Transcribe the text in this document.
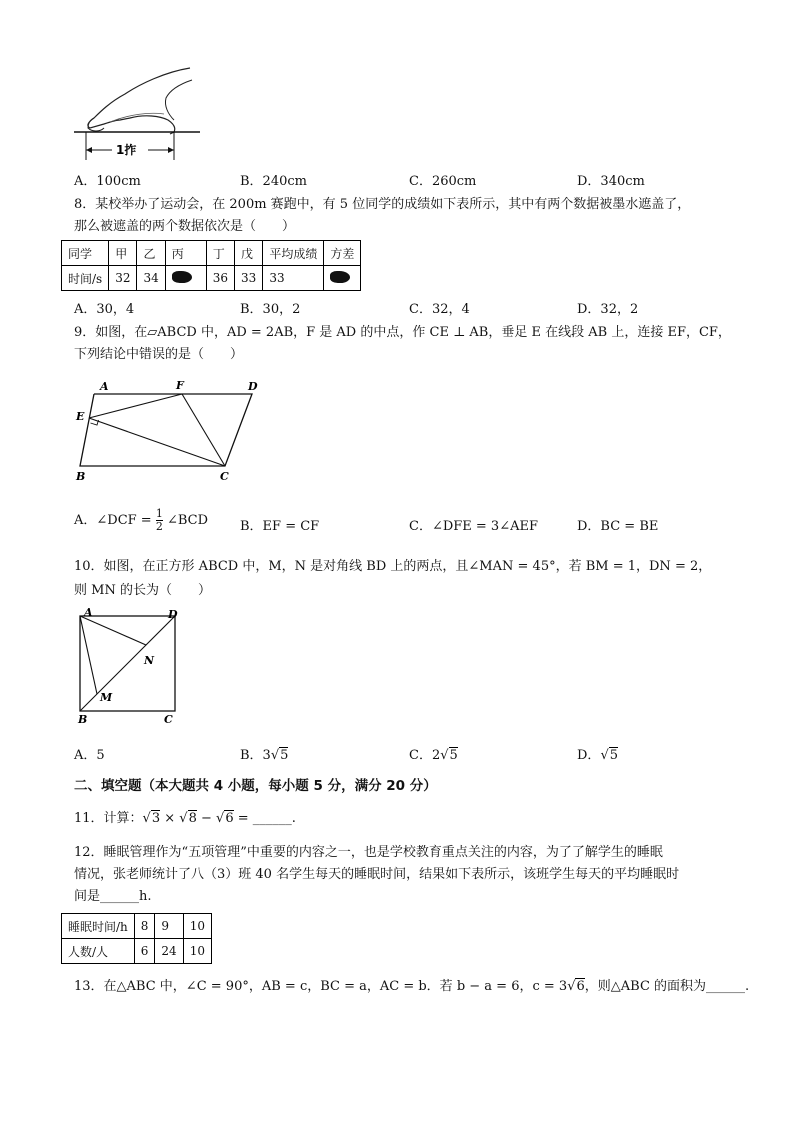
1拃
A．100cm	B．240cm	C．260cm	D．340cm
8．某校举办了运动会，在 200m 赛跑中，有 5 位同学的成绩如下表所示，其中有两个数据被墨水遮盖了，
那么被遮盖的两个数据依次是（　　）
同学	甲	乙	丙	丁	戊	平均成绩	方差
时间/s	32	34		36	33	33	
A．30，4	B．30，2	C．32，4	D．32，2
9．如图，在▱ABCD 中，AD = 2AB，F 是 AD 的中点，作 CE ⊥ AB，垂足 E 在线段 AB 上，连接 EF，CF，
下列结论中错误的是（　　）
A	F	D
E
B	C
A．∠DCF = $\frac{1}{2}$ ∠BCD B．EF = CF	C．∠DFE = 3∠AEF	D．BC = BE
10．如图，在正方形 ABCD 中，M，N 是对角线 BD 上的两点，且∠MAN = 45°，若 BM = 1，DN = 2，
则 MN 的长为（　　）
A	D
N
M
B	C
A．5	B．3√5	C．2√5	D．√5
二、填空题（本大题共 4 小题，每小题 5 分，满分 20 分）
11．计算：√3 × √8 − √6 = ______.
12．睡眠管理作为“五项管理”中重要的内容之一，也是学校教育重点关注的内容，为了了解学生的睡眠
情况，张老师统计了八（3）班 40 名学生每天的睡眠时间，结果如下表所示，该班学生每天的平均睡眠时
间是______h.
睡眠时间/h	8	9	10
人数/人	6	24	10
13．在△ABC 中，∠C = 90°，AB = c，BC = a，AC = b．若 b − a = 6，c = 3√6，则△ABC 的面积为______.
